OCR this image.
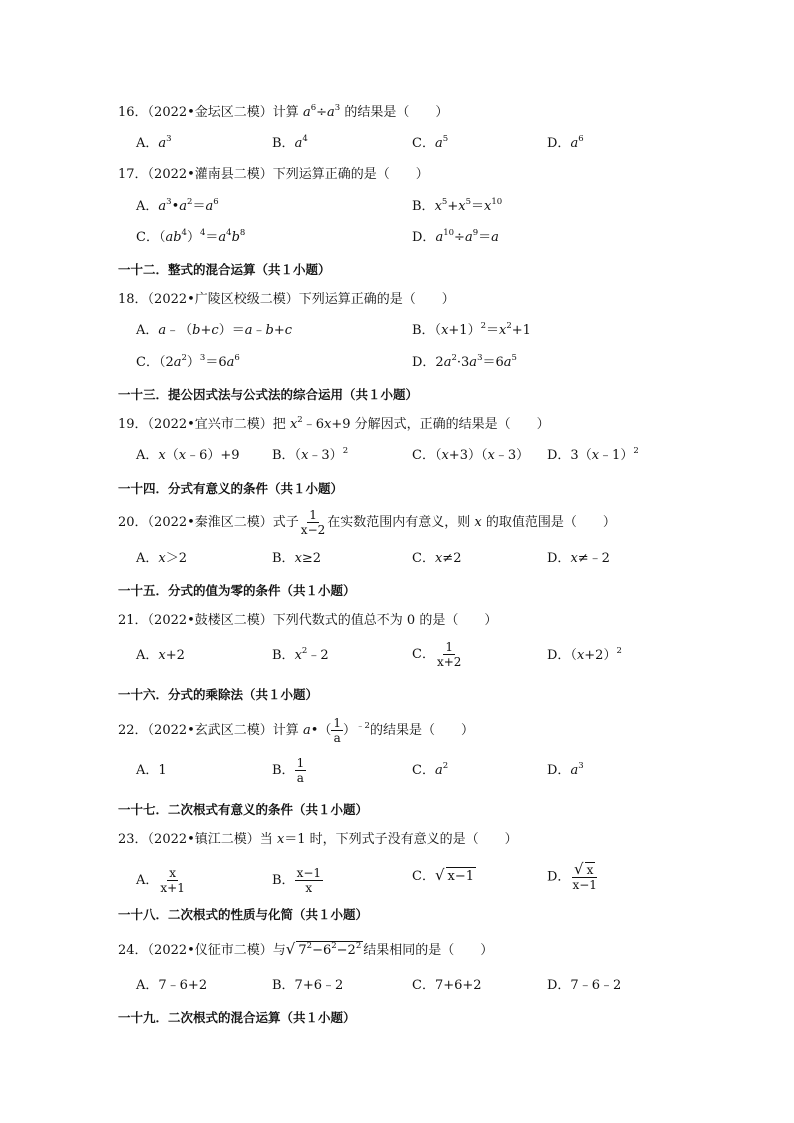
16．（2022•金坛区二模）计算 $a^6\div a^3$ 的结果是（　　）
A．$a^3$	B．$a^4$	C．$a^5$	D．$a^6$
17．（2022•灌南县二模）下列运算正确的是（　　）
A．$a^3•a^2=a^6$	B．$x^5+x^5=x^{10}$
C．$(ab^4)^4=a^4b^8$	D．$a^{10}\div a^9=a$
一十二．整式的混合运算（共１小题）
18．（2022•广陵区校级二模）下列运算正确的是（　　）
A．a﹣（b+c）＝a﹣b+c	B．$(x+1)^2=x^2+1$
C．$(2a^2)^3=6a^6$	D．$2a^2\cdot 3a^3=6a^5$
一十三．提公因式法与公式法的综合运用（共１小题）
19．（2022•宜兴市二模）把 $x^2﹣6x+9$ 分解因式，正确的结果是（　　）
A．x（x﹣6）+9 B．（x﹣3）$^2$	C．（x+3）（x﹣3） D．3（x﹣1）$^2$
一十四．分式有意义的条件（共１小题）
20．（2022•秦淮区二模）式子 $\frac{1}{x-2}$ 在实数范围内有意义，则 x 的取值范围是（　　）
A．x＞2	B．x≥2	C．x≠2	D．x≠﹣2
一十五．分式的值为零的条件（共１小题）
21．（2022•鼓楼区二模）下列代数式的值总不为 0 的是（　　）
A．x+2	B．$x^2﹣2$	C． $\frac{1}{x+2}$	D．$(x+2)^2$
一十六．分式的乘除法（共１小题）
22．（2022•玄武区二模）计算 a•（ $\frac{1}{a} )^{﹣2}$的结果是（　　）
A．1	B． $\frac{1}{a}$	C．$a^2$	D．$a^3$
一十七．二次根式有意义的条件（共１小题）
23．（2022•镇江二模）当 x＝1 时，下列式子没有意义的是（　　）
A． $\frac{x}{x+1}$	B． $\frac{x-1}{x}$	C．√ x−1	D． $\frac{√ x}{x-1}$
一十八．二次根式的性质与化简（共１小题）
24．（2022•仪征市二模）与√ $7^2-6^2-2^2$ 结果相同的是（　　）
A．7﹣6+2	B．7+6﹣2	C．7+6+2	D．7﹣6﹣2
一十九．二次根式的混合运算（共１小题）
